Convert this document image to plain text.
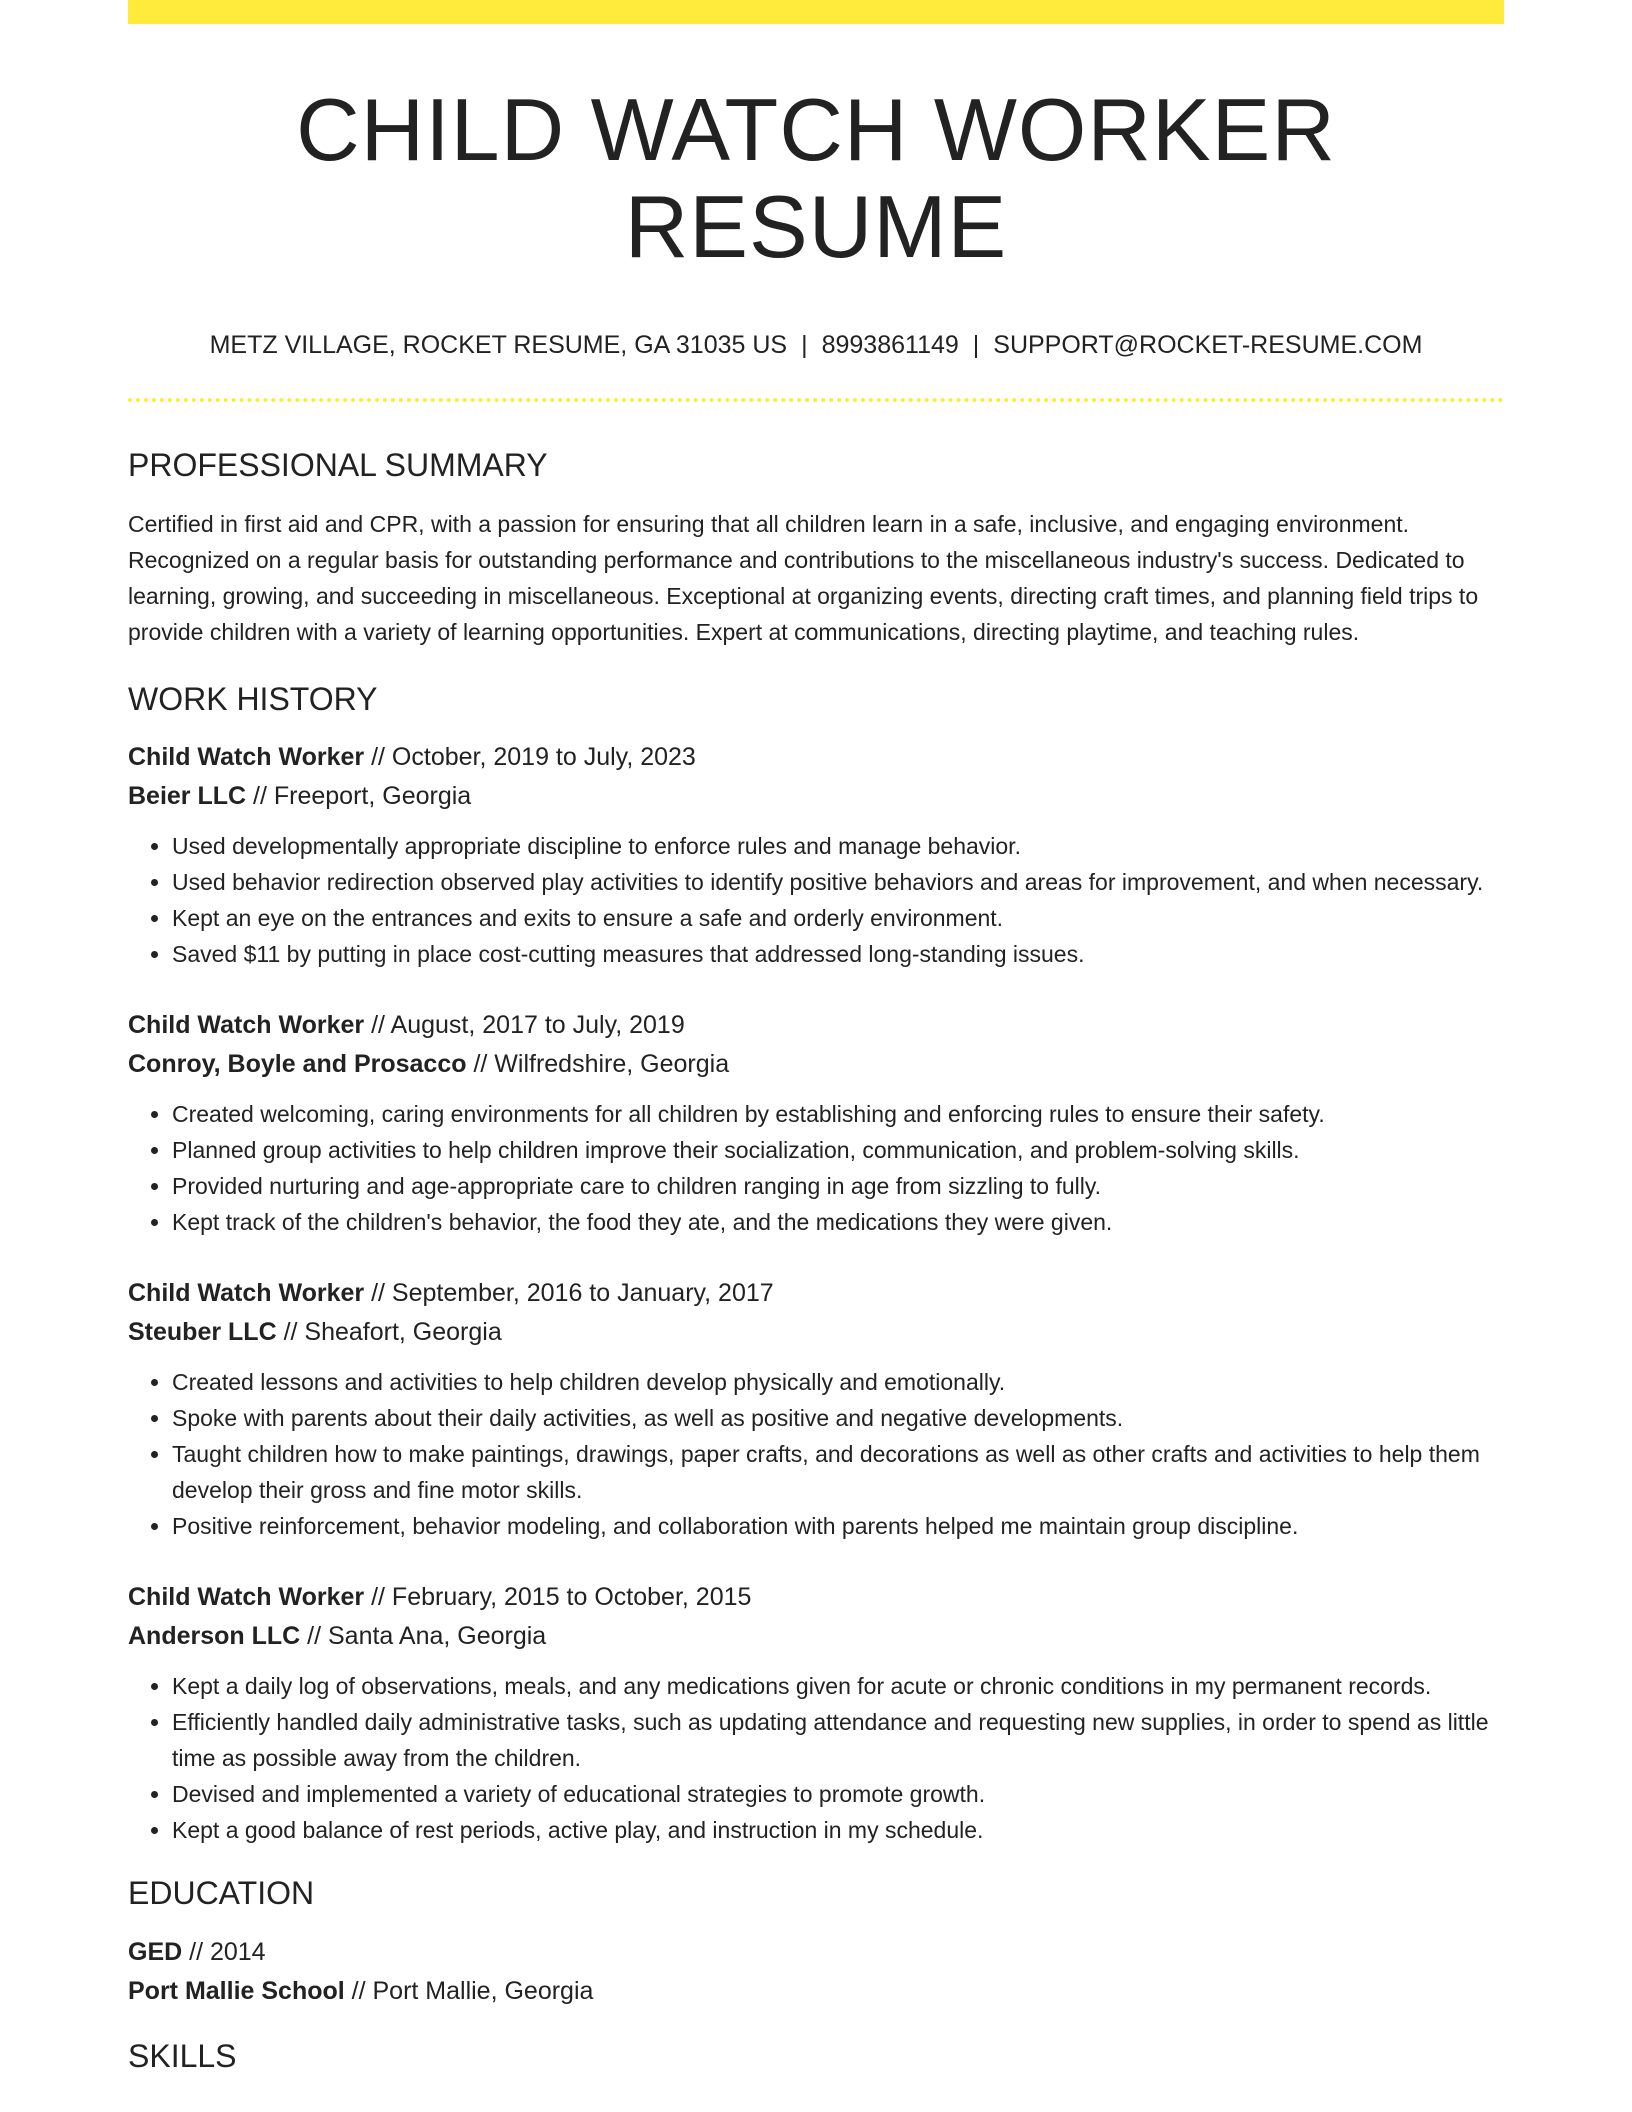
CHILD WATCH WORKER RESUME
METZ VILLAGE, ROCKET RESUME, GA 31035 US | 8993861149 | SUPPORT@ROCKET-RESUME.COM
PROFESSIONAL SUMMARY

Certified in first aid and CPR, with a passion for ensuring that all children learn in a safe, inclusive, and engaging environment. Recognized on a regular basis for outstanding performance and contributions to the miscellaneous industry's success. Dedicated to learning, growing, and succeeding in miscellaneous. Exceptional at organizing events, directing craft times, and planning field trips to provide children with a variety of learning opportunities. Expert at communications, directing playtime, and teaching rules.

WORK HISTORY
Child Watch Worker // October, 2019 to July, 2023
Beier LLC // Freeport, Georgia
• Used developmentally appropriate discipline to enforce rules and manage behavior.
• Used behavior redirection observed play activities to identify positive behaviors and areas for improvement, and when necessary.
• Kept an eye on the entrances and exits to ensure a safe and orderly environment.
• Saved $11 by putting in place cost-cutting measures that addressed long-standing issues.
Child Watch Worker // August, 2017 to July, 2019
Conroy, Boyle and Prosacco // Wilfredshire, Georgia
• Created welcoming, caring environments for all children by establishing and enforcing rules to ensure their safety.
• Planned group activities to help children improve their socialization, communication, and problem-solving skills.
• Provided nurturing and age-appropriate care to children ranging in age from sizzling to fully.
• Kept track of the children's behavior, the food they ate, and the medications they were given.
Child Watch Worker // September, 2016 to January, 2017
Steuber LLC // Sheafort, Georgia
• Created lessons and activities to help children develop physically and emotionally.
• Spoke with parents about their daily activities, as well as positive and negative developments.
• Taught children how to make paintings, drawings, paper crafts, and decorations as well as other crafts and activities to help them develop their gross and fine motor skills.
• Positive reinforcement, behavior modeling, and collaboration with parents helped me maintain group discipline.
Child Watch Worker // February, 2015 to October, 2015
Anderson LLC // Santa Ana, Georgia
• Kept a daily log of observations, meals, and any medications given for acute or chronic conditions in my permanent records.
• Efficiently handled daily administrative tasks, such as updating attendance and requesting new supplies, in order to spend as little time as possible away from the children.
• Devised and implemented a variety of educational strategies to promote growth.
• Kept a good balance of rest periods, active play, and instruction in my schedule.
EDUCATION
GED // 2014
Port Mallie School // Port Mallie, Georgia
SKILLS
